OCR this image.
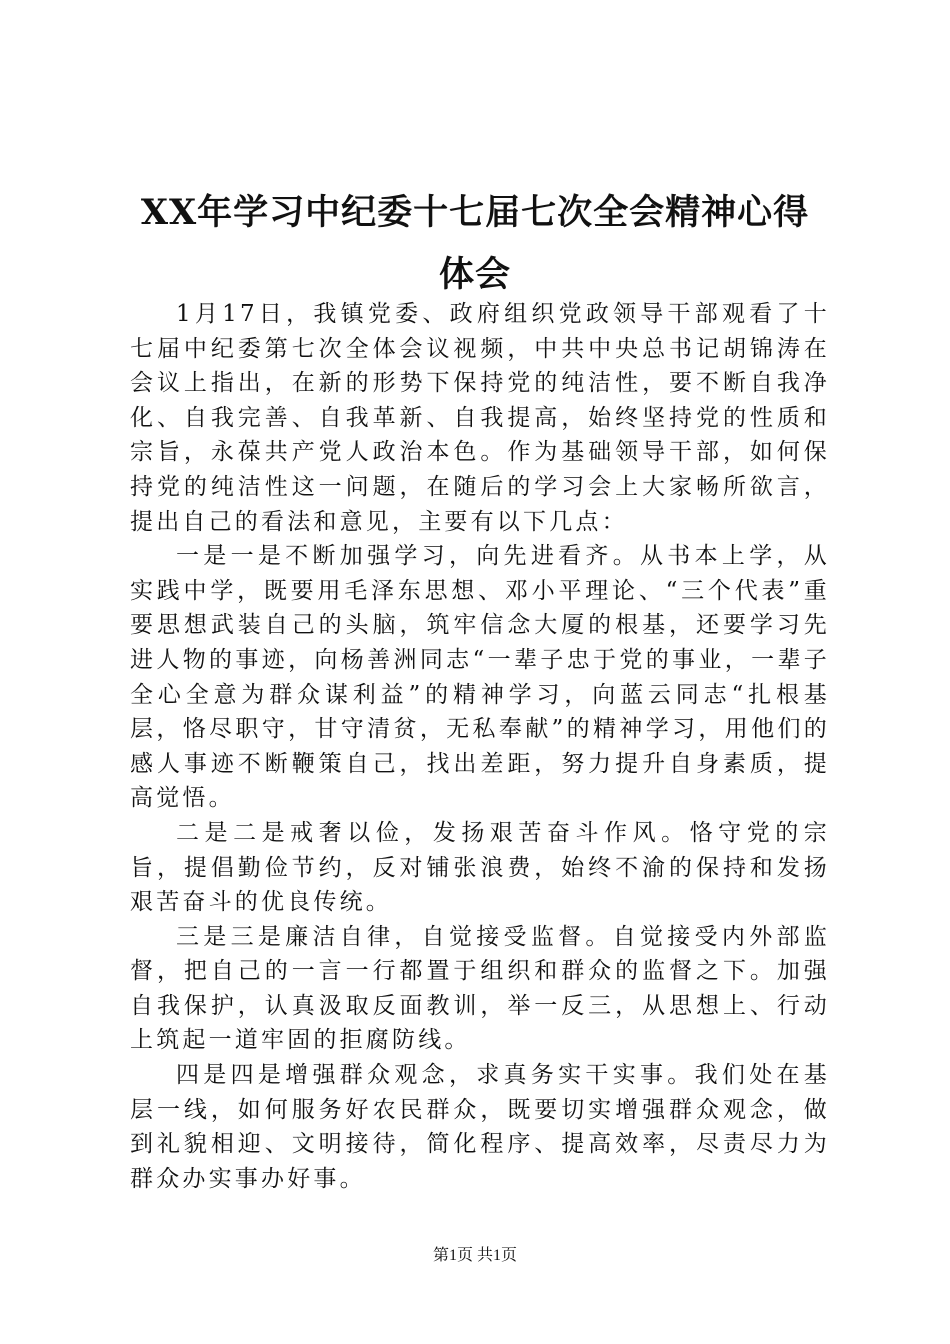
XX年学习中纪委十七届七次全会精神心得体会

1月17日，我镇党委、政府组织党政领导干部观看了十七届中纪委第七次全体会议视频，中共中央总书记胡锦涛在会议上指出，在新的形势下保持党的纯洁性，要不断自我净化、自我完善、自我革新、自我提高，始终坚持党的性质和宗旨，永葆共产党人政治本色。作为基础领导干部，如何保持党的纯洁性这一问题，在随后的学习会上大家畅所欲言，提出自己的看法和意见，主要有以下几点：

一是一是不断加强学习，向先进看齐。从书本上学，从实践中学，既要用毛泽东思想、邓小平理论、“三个代表”重要思想武装自己的头脑，筑牢信念大厦的根基，还要学习先进人物的事迹，向杨善洲同志“一辈子忠于党的事业，一辈子全心全意为群众谋利益”的精神学习，向蓝云同志“扎根基层，恪尽职守，甘守清贫，无私奉献”的精神学习，用他们的感人事迹不断鞭策自己，找出差距，努力提升自身素质，提高觉悟。

二是二是戒奢以俭，发扬艰苦奋斗作风。恪守党的宗旨，提倡勤俭节约，反对铺张浪费，始终不渝的保持和发扬艰苦奋斗的优良传统。

三是三是廉洁自律，自觉接受监督。自觉接受内外部监督，把自己的一言一行都置于组织和群众的监督之下。加强自我保护，认真汲取反面教训，举一反三，从思想上、行动上筑起一道牢固的拒腐防线。

四是四是增强群众观念，求真务实干实事。我们处在基层一线，如何服务好农民群众，既要切实增强群众观念，做到礼貌相迎、文明接待，简化程序、提高效率，尽责尽力为群众办实事办好事。

第1页 共1页
